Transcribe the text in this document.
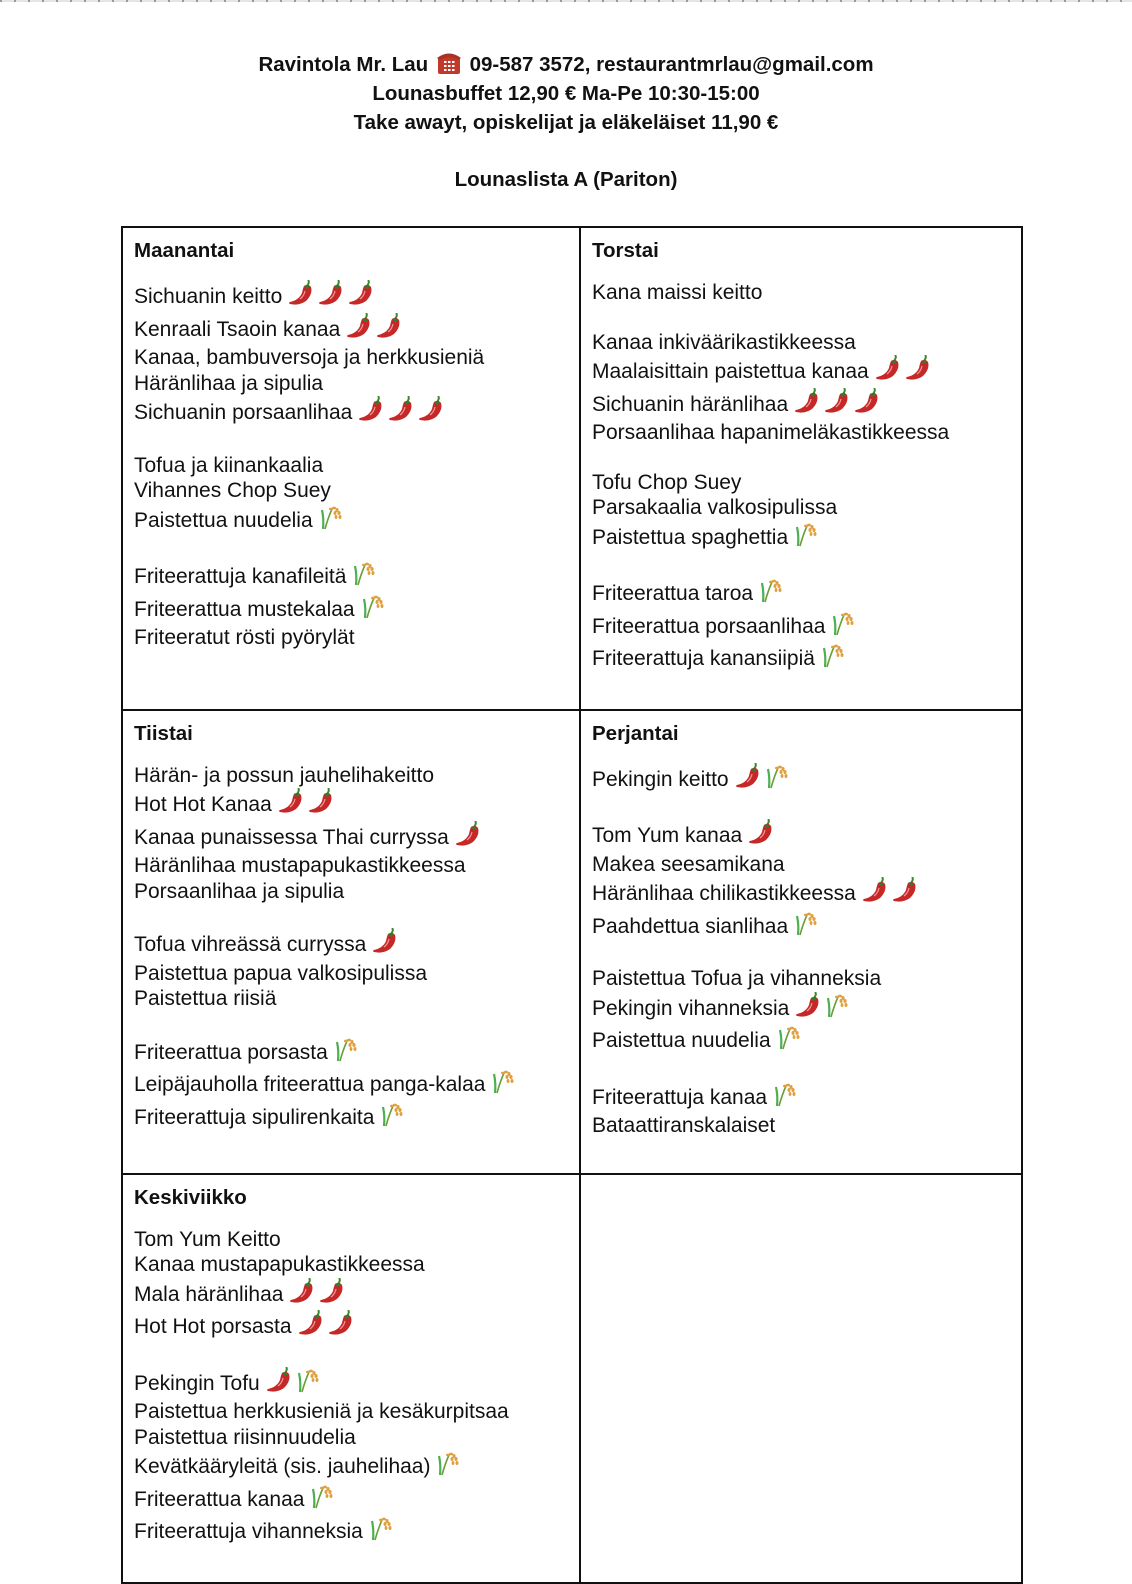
Ravintola Mr. Lau 09-587 3572, restaurantmrlau@gmail.com
Lounasbuffet 12,90 € Ma-Pe 10:30-15:00
Take awayt, opiskelijat ja eläkeläiset 11,90 €
Lounaslista A (Pariton)
Maanantai
Sichuanin keitto
Kenraali Tsaoin kanaa
Kanaa, bambuversoja ja herkkusieniä
Häränlihaa ja sipulia
Sichuanin porsaanlihaa
Tofua ja kiinankaalia
Vihannes Chop Suey
Paistettua nuudelia
Friteerattuja kanafileitä
Friteerattua mustekalaa
Friteeratut rösti pyörylät

Torstai
Kana maissi keitto
Kanaa inkiväärikastikkeessa
Maalaisittain paistettua kanaa
Sichuanin häränlihaa
Porsaanlihaa hapanimeläkastikkeessa
Tofu Chop Suey
Parsakaalia valkosipulissa
Paistettua spaghettia
Friteerattua taroa
Friteerattua porsaanlihaa
Friteerattuja kanansiipiä

Tiistai
Härän- ja possun jauhelihakeitto
Hot Hot Kanaa
Kanaa punaissessa Thai curryssa
Häränlihaa mustapapukastikkeessa
Porsaanlihaa ja sipulia
Tofua vihreässä curryssa
Paistettua papua valkosipulissa
Paistettua riisiä
Friteerattua porsasta
Leipäjauholla friteerattua panga-kalaa
Friteerattuja sipulirenkaita

Perjantai
Pekingin keitto
Tom Yum kanaa
Makea seesamikana
Häränlihaa chilikastikkeessa
Paahdettua sianlihaa
Paistettua Tofua ja vihanneksia
Pekingin vihanneksia
Paistettua nuudelia
Friteerattuja kanaa
Bataattiranskalaiset

Keskiviikko
Tom Yum Keitto
Kanaa mustapapukastikkeessa
Mala häränlihaa
Hot Hot porsasta
Pekingin Tofu
Paistettua herkkusieniä ja kesäkurpitsaa
Paistettua riisinnuudelia
Kevätkääryleitä (sis. jauhelihaa)
Friteerattua kanaa
Friteerattuja vihanneksia
